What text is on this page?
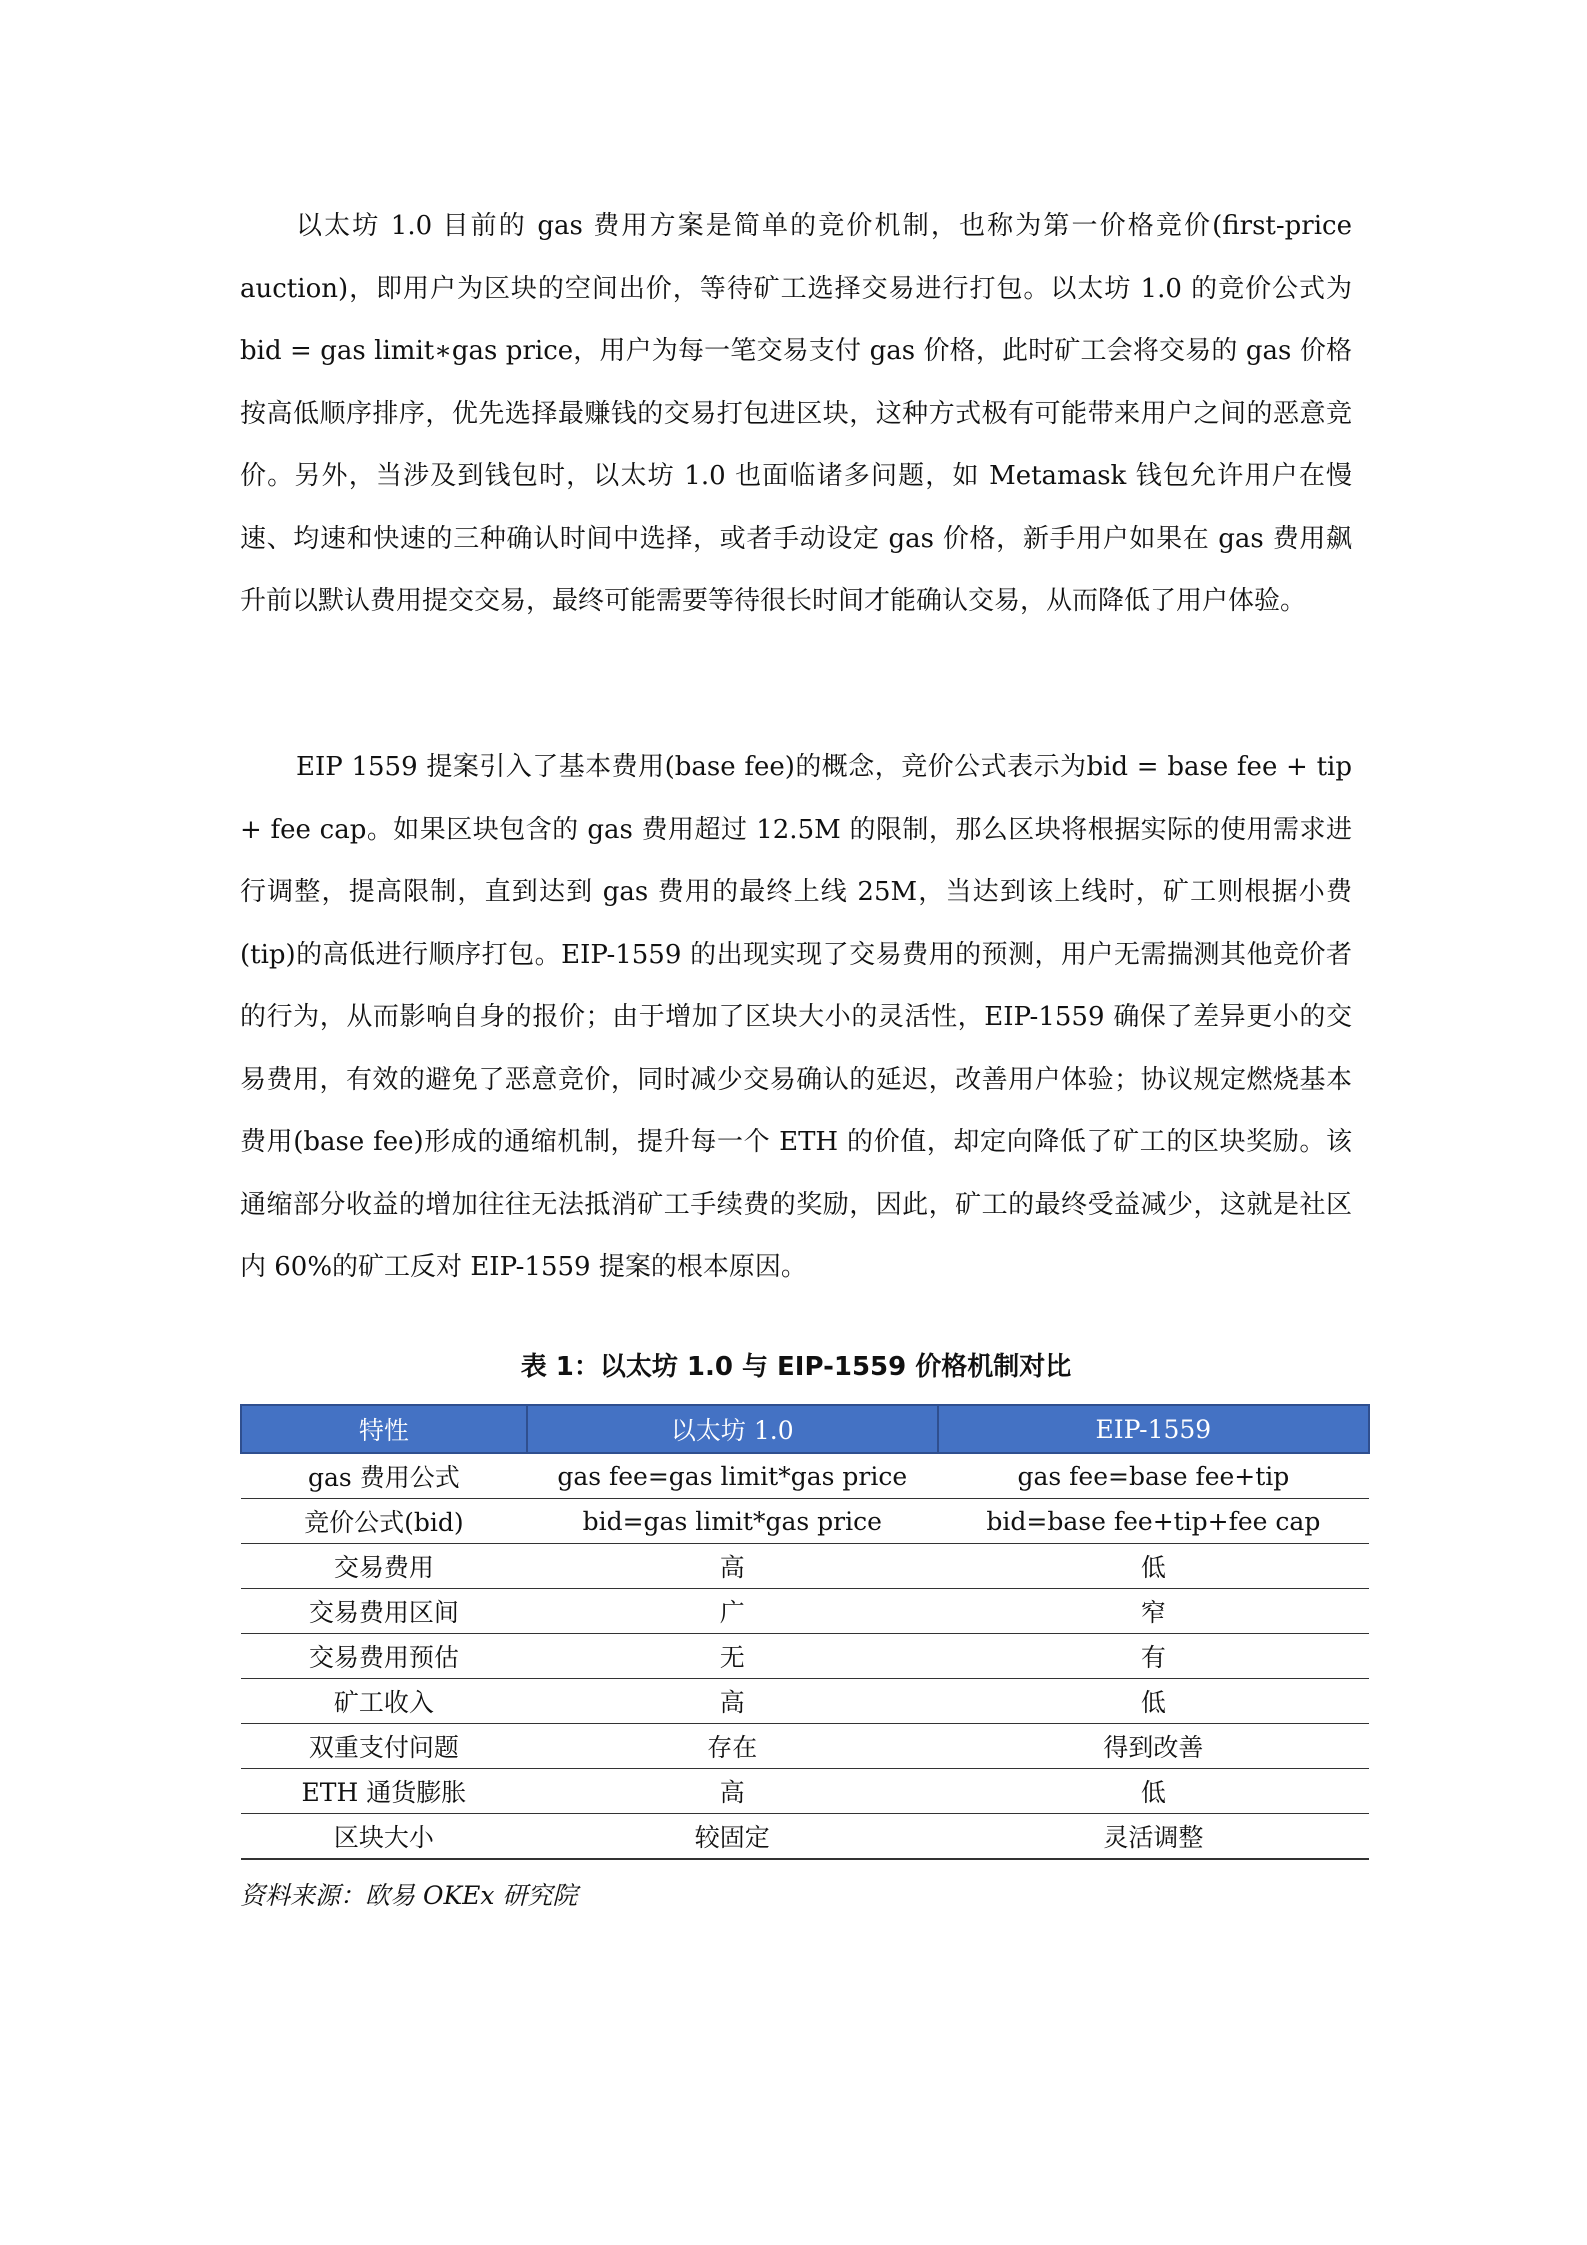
以太坊 1.0 目前的 gas 费用方案是简单的竞价机制，也称为第一价格竞价(first-price auction)，即用户为区块的空间出价，等待矿工选择交易进行打包。以太坊 1.0 的竞价公式为bid = gas limit∗gas price，用户为每一笔交易支付 gas 价格，此时矿工会将交易的 gas 价格按高低顺序排序，优先选择最赚钱的交易打包进区块，这种方式极有可能带来用户之间的恶意竞价。另外，当涉及到钱包时，以太坊 1.0 也面临诸多问题，如 Metamask 钱包允许用户在慢速、均速和快速的三种确认时间中选择，或者手动设定 gas 价格，新手用户如果在 gas 费用飙升前以默认费用提交交易，最终可能需要等待很长时间才能确认交易，从而降低了用户体验。

EIP 1559 提案引入了基本费用(base fee)的概念，竞价公式表示为bid = base fee + tip + fee cap。如果区块包含的 gas 费用超过 12.5M 的限制，那么区块将根据实际的使用需求进行调整，提高限制，直到达到 gas 费用的最终上线 25M，当达到该上线时，矿工则根据小费(tip)的高低进行顺序打包。EIP-1559 的出现实现了交易费用的预测，用户无需揣测其他竞价者的行为，从而影响自身的报价；由于增加了区块大小的灵活性，EIP-1559 确保了差异更小的交易费用，有效的避免了恶意竞价，同时减少交易确认的延迟，改善用户体验；协议规定燃烧基本费用(base fee)形成的通缩机制，提升每一个 ETH 的价值，却定向降低了矿工的区块奖励。该通缩部分收益的增加往往无法抵消矿工手续费的奖励，因此，矿工的最终受益减少，这就是社区内 60%的矿工反对 EIP-1559 提案的根本原因。

表 1：以太坊 1.0 与 EIP-1559 价格机制对比
特性	以太坊 1.0	EIP-1559
gas 费用公式	gas fee=gas limit*gas price	gas fee=base fee+tip
竞价公式(bid)	bid=gas limit*gas price	bid=base fee+tip+fee cap
交易费用	高	低
交易费用区间	广	窄
交易费用预估	无	有
矿工收入	高	低
双重支付问题	存在	得到改善
ETH 通货膨胀	高	低
区块大小	较固定	灵活调整
资料来源：欧易 OKEx 研究院
